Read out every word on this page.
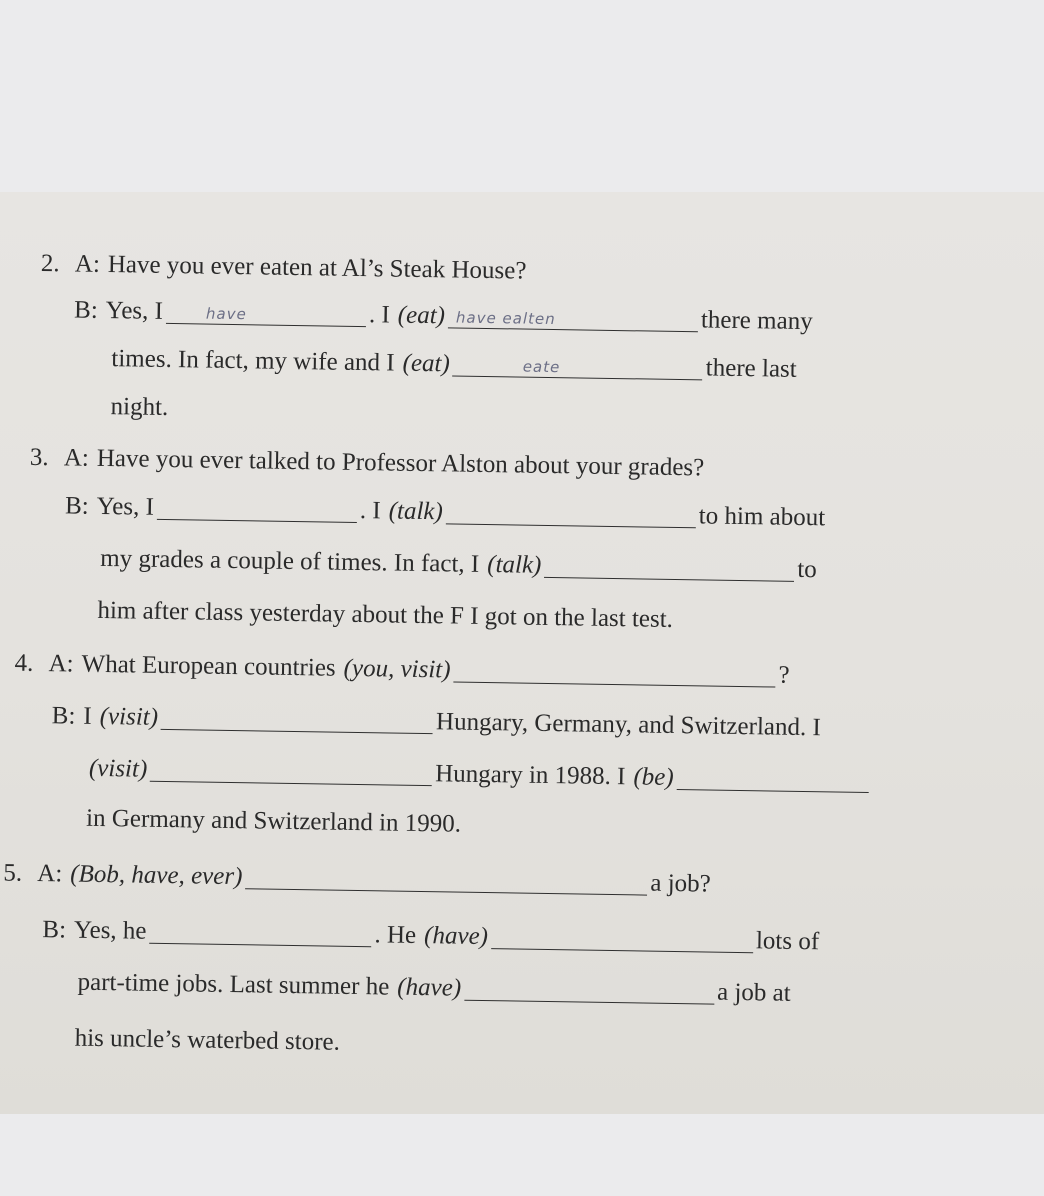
2. A: Have you ever eaten at Al’s Steak House?
B: Yes, I	have	. I (eat) have ealten	there many
times. In fact, my wife and I (eat)	eate	there last
night.
3. A: Have you ever talked to Professor Alston about your grades?
B: Yes, I	. I (talk)	to him about
my grades a couple of times. In fact, I (talk)	to
him after class yesterday about the F I got on the last test.
4. A: What European countries (you, visit)	?
B: I (visit)	Hungary, Germany, and Switzerland. I
(visit)	Hungary in 1988. I (be)
in Germany and Switzerland in 1990.
5. A: (Bob, have, ever)	a job?
B: Yes, he	. He (have)	lots of
part-time jobs. Last summer he (have)	a job at
his uncle’s waterbed store.
